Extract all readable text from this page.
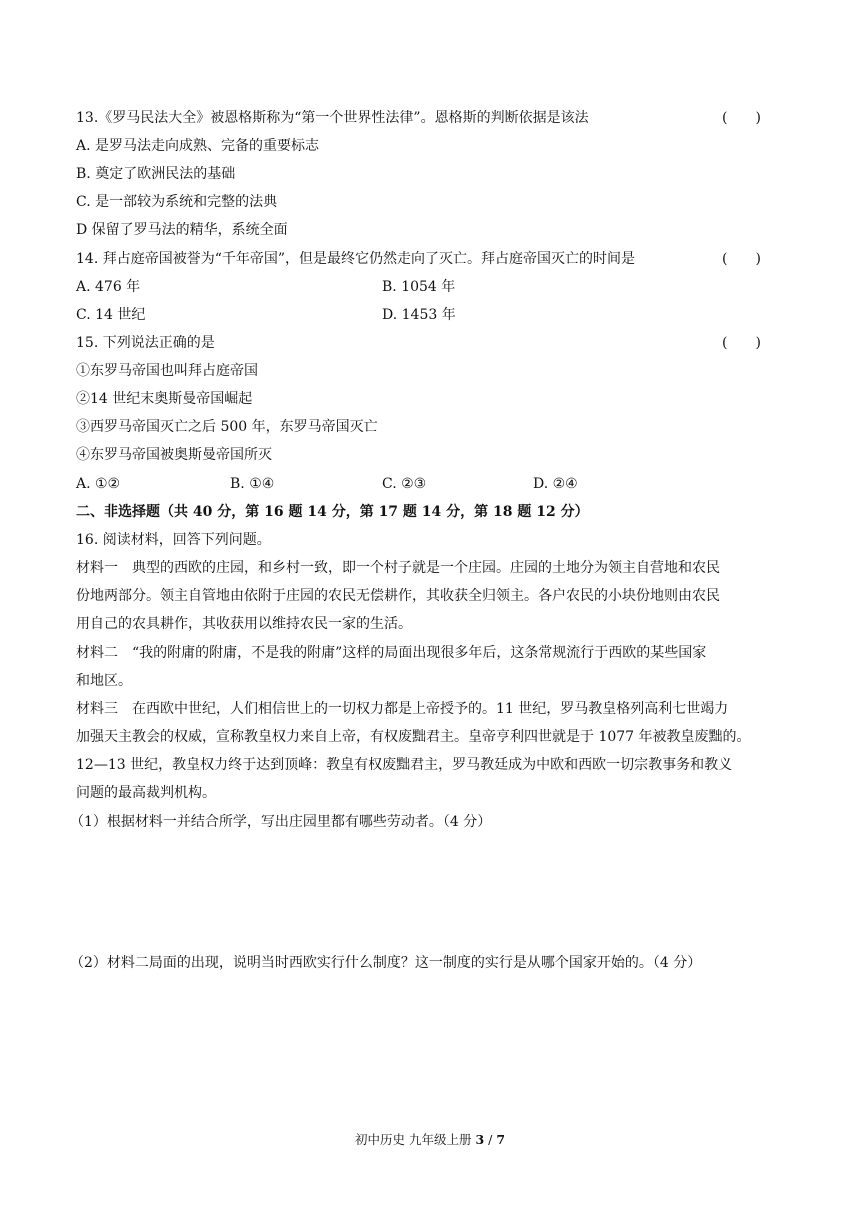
13.《罗马民法大全》被恩格斯称为“第一个世界性法律”。恩格斯的判断依据是该法	(　　)
A. 是罗马法走向成熟、完备的重要标志
B. 奠定了欧洲民法的基础
C. 是一部较为系统和完整的法典
D 保留了罗马法的精华，系统全面
14. 拜占庭帝国被誉为“千年帝国”，但是最终它仍然走向了灭亡。拜占庭帝国灭亡的时间是	(　　)
A. 476 年	B. 1054 年
C. 14 世纪	D. 1453 年
15. 下列说法正确的是	(　　)
①东罗马帝国也叫拜占庭帝国
②14 世纪末奥斯曼帝国崛起
③西罗马帝国灭亡之后 500 年，东罗马帝国灭亡
④东罗马帝国被奥斯曼帝国所灭
A. ①②	B. ①④	C. ②③	D. ②④
二、非选择题（共 40 分，第 16 题 14 分，第 17 题 14 分，第 18 题 12 分）
16. 阅读材料，回答下列问题。
材料一　典型的西欧的庄园，和乡村一致，即一个村子就是一个庄园。庄园的土地分为领主自营地和农民
份地两部分。领主自管地由依附于庄园的农民无偿耕作，其收获全归领主。各户农民的小块份地则由农民
用自己的农具耕作，其收获用以维持农民一家的生活。
材料二　“我的附庸的附庸，不是我的附庸”这样的局面出现很多年后，这条常规流行于西欧的某些国家
和地区。
材料三　在西欧中世纪，人们相信世上的一切权力都是上帝授予的。11 世纪，罗马教皇格列高利七世竭力
加强天主教会的权威，宣称教皇权力来自上帝，有权废黜君主。皇帝亨利四世就是于 1077 年被教皇废黜的。
12—13 世纪，教皇权力终于达到顶峰：教皇有权废黜君主，罗马教廷成为中欧和西欧一切宗教事务和教义
问题的最高裁判机构。
（1）根据材料一并结合所学，写出庄园里都有哪些劳动者。（4 分）
（2）材料二局面的出现，说明当时西欧实行什么制度？这一制度的实行是从哪个国家开始的。（4 分）
初中历史 九年级上册 3 / 7
